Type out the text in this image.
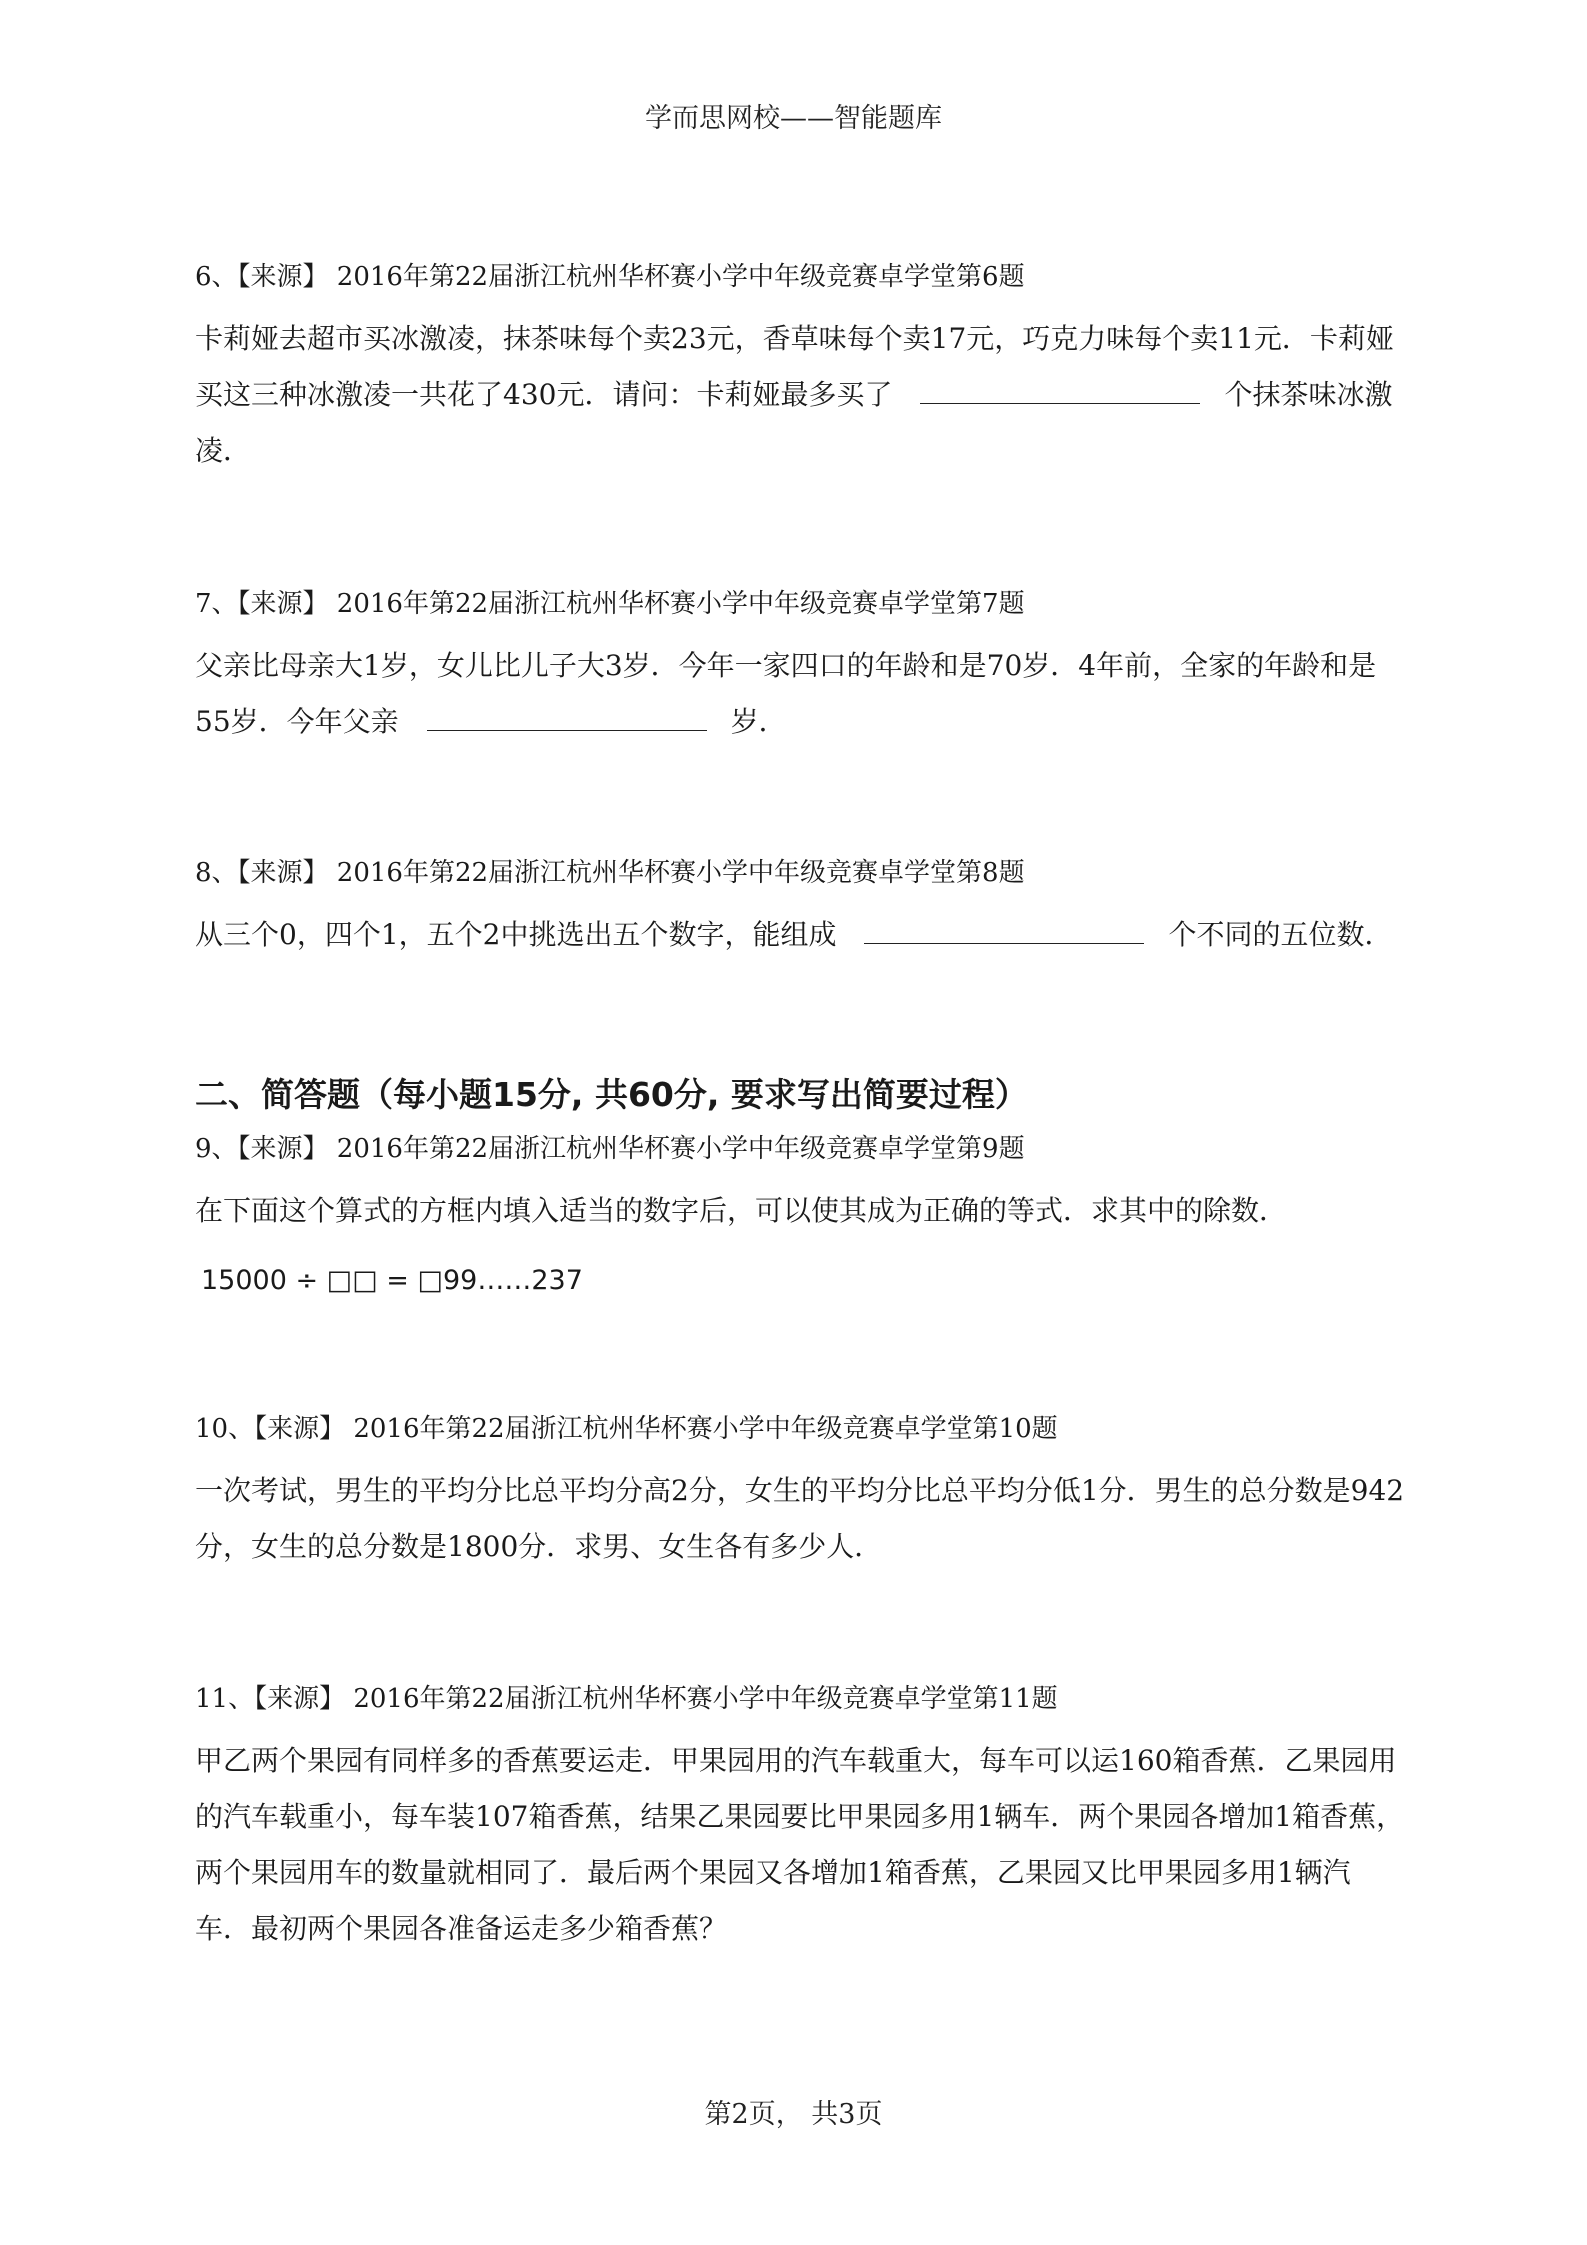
学而思网校——智能题库

6、【来源】 2016年第22届浙江杭州华杯赛小学中年级竞赛卓学堂第6题

卡莉娅去超市买冰激凌，抹茶味每个卖23元，香草味每个卖17元，巧克力味每个卖11元．卡莉娅买这三种冰激凌一共花了430元．请问：卡莉娅最多买了	个抹茶味冰激凌．

7、【来源】 2016年第22届浙江杭州华杯赛小学中年级竞赛卓学堂第7题

父亲比母亲大1岁，女儿比儿子大3岁．今年一家四口的年龄和是70岁．4年前，全家的年龄和是55岁．今年父亲	岁．

8、【来源】 2016年第22届浙江杭州华杯赛小学中年级竞赛卓学堂第8题

从三个0，四个1，五个2中挑选出五个数字，能组成	个不同的五位数．

二、简答题（每小题15分, 共60分, 要求写出简要过程）

9、【来源】 2016年第22届浙江杭州华杯赛小学中年级竞赛卓学堂第9题

在下面这个算式的方框内填入适当的数字后，可以使其成为正确的等式．求其中的除数．

15000 ÷ □□ = □99……237

10、【来源】 2016年第22届浙江杭州华杯赛小学中年级竞赛卓学堂第10题

一次考试，男生的平均分比总平均分高2分，女生的平均分比总平均分低1分．男生的总分数是942分，女生的总分数是1800分．求男、女生各有多少人．

11、【来源】 2016年第22届浙江杭州华杯赛小学中年级竞赛卓学堂第11题

甲乙两个果园有同样多的香蕉要运走．甲果园用的汽车载重大，每车可以运160箱香蕉．乙果园用的汽车载重小，每车装107箱香蕉，结果乙果园要比甲果园多用1辆车．两个果园各增加1箱香蕉，两个果园用车的数量就相同了．最后两个果园又各增加1箱香蕉，乙果园又比甲果园多用1辆汽车．最初两个果园各准备运走多少箱香蕉？

第2页， 共3页
